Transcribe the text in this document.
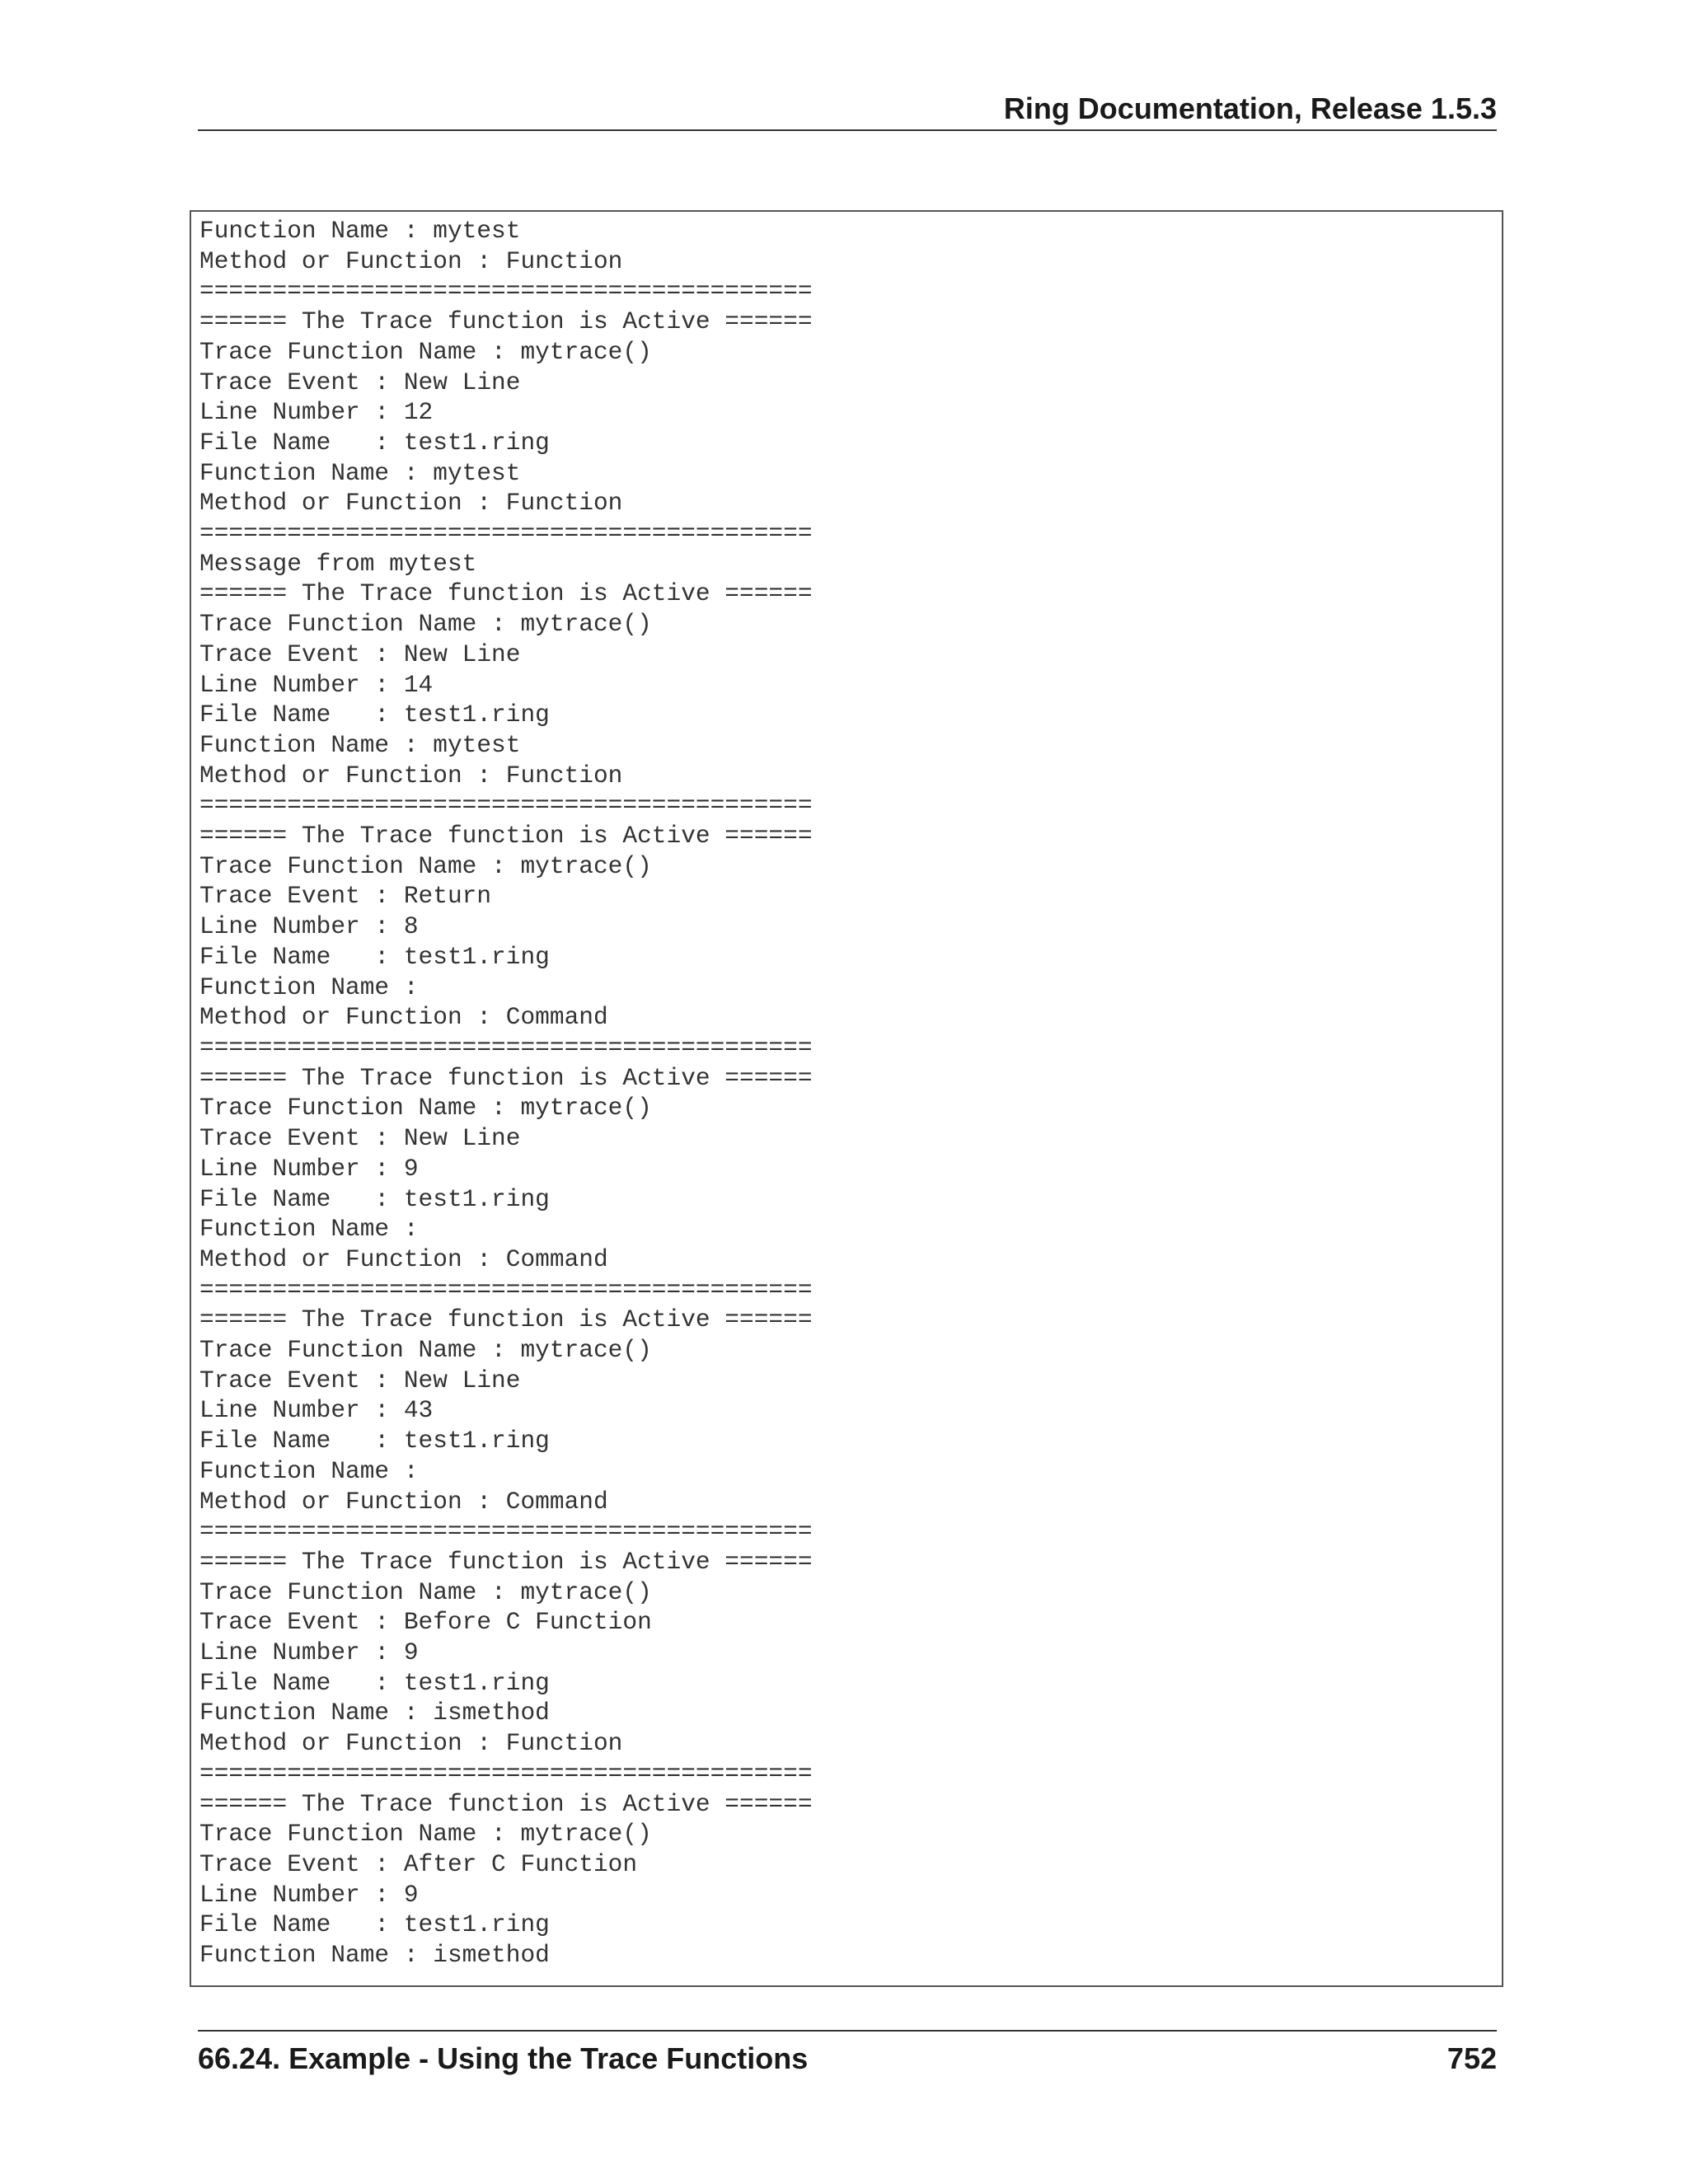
Ring Documentation, Release 1.5.3
Function Name : mytest
Method or Function : Function
==========================================
====== The Trace function is Active ======
Trace Function Name : mytrace()
Trace Event : New Line
Line Number : 12
File Name   : test1.ring
Function Name : mytest
Method or Function : Function
==========================================
Message from mytest
====== The Trace function is Active ======
Trace Function Name : mytrace()
Trace Event : New Line
Line Number : 14
File Name   : test1.ring
Function Name : mytest
Method or Function : Function
==========================================
====== The Trace function is Active ======
Trace Function Name : mytrace()
Trace Event : Return
Line Number : 8
File Name   : test1.ring
Function Name :
Method or Function : Command
==========================================
====== The Trace function is Active ======
Trace Function Name : mytrace()
Trace Event : New Line
Line Number : 9
File Name   : test1.ring
Function Name :
Method or Function : Command
==========================================
====== The Trace function is Active ======
Trace Function Name : mytrace()
Trace Event : New Line
Line Number : 43
File Name   : test1.ring
Function Name :
Method or Function : Command
==========================================
====== The Trace function is Active ======
Trace Function Name : mytrace()
Trace Event : Before C Function
Line Number : 9
File Name   : test1.ring
Function Name : ismethod
Method or Function : Function
==========================================
====== The Trace function is Active ======
Trace Function Name : mytrace()
Trace Event : After C Function
Line Number : 9
File Name   : test1.ring
Function Name : ismethod
66.24. Example - Using the Trace Functions	752
